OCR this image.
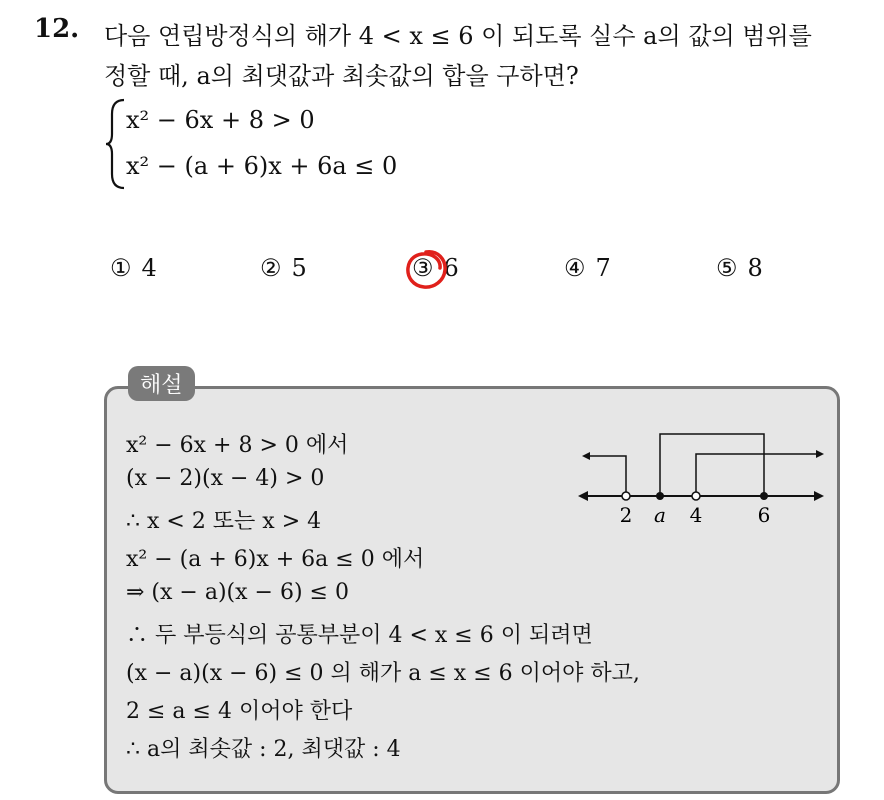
12. 다음 연립방정식의 해가 4 < x ≤ 6 이 되도록 실수 a의 값의 범위를
정할 때, a의 최댓값과 최솟값의 합을 구하면?
x² − 6x + 8 > 0
x² − (a + 6)x + 6a ≤ 0
① 4	② 5	③ 6	④ 7	⑤ 8
해설
x² − 6x + 8 > 0 에서
(x − 2)(x − 4) > 0
∴ x < 2 또는 x > 4
x² − (a + 6)x + 6a ≤ 0 에서
⇒ (x − a)(x − 6) ≤ 0
∴ 두 부등식의 공통부분이 4 < x ≤ 6 이 되려면
(x − a)(x − 6) ≤ 0 의 해가 a ≤ x ≤ 6 이어야 하고,
2 ≤ a ≤ 4 이어야 한다
∴ a의 최솟값 : 2, 최댓값 : 4
2 a 4	6
